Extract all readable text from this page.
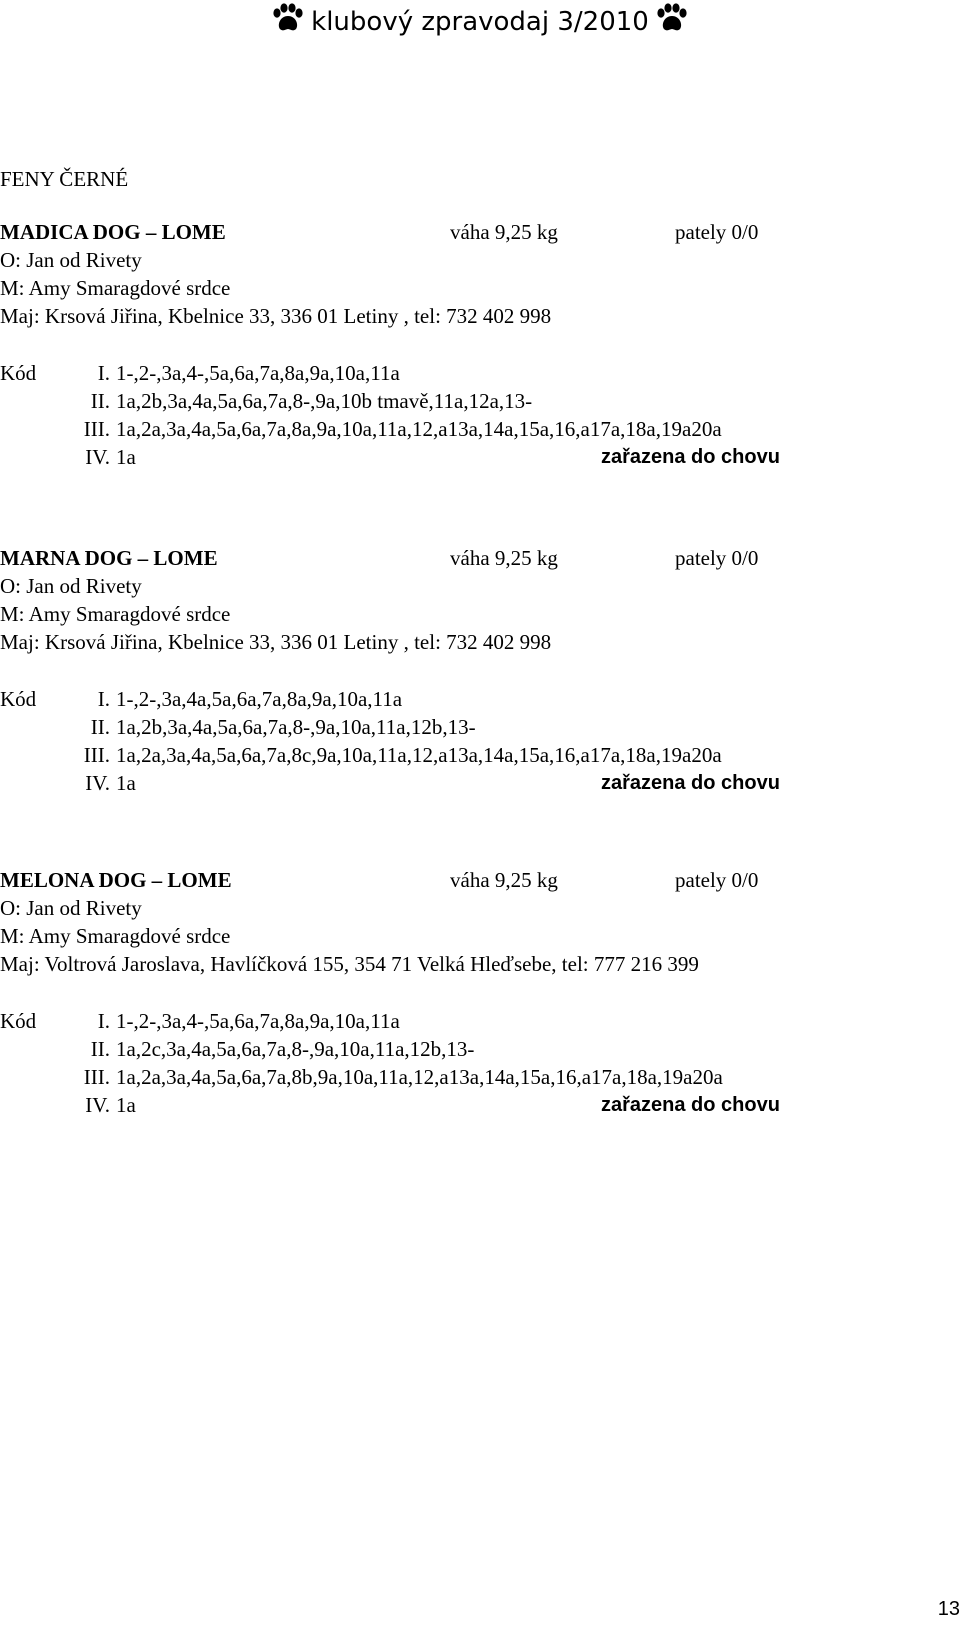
klubový zpravodaj 3/2010
FENY ČERNÉ
MADICA DOG – LOME	váha 9,25 kg	pately 0/0
O: Jan od Rivety
M: Amy Smaragdové srdce
Maj: Krsová Jiřina, Kbelnice 33, 336 01 Letiny , tel: 732 402 998
Kód	I. 1-,2-,3a,4-,5a,6a,7a,8a,9a,10a,11a
II. 1a,2b,3a,4a,5a,6a,7a,8-,9a,10b tmavě,11a,12a,13-
III. 1a,2a,3a,4a,5a,6a,7a,8a,9a,10a,11a,12,a13a,14a,15a,16,a17a,18a,19a20a
IV. 1a	zařazena do chovu
MARNA DOG – LOME	váha 9,25 kg	pately 0/0
O: Jan od Rivety
M: Amy Smaragdové srdce
Maj: Krsová Jiřina, Kbelnice 33, 336 01 Letiny , tel: 732 402 998
Kód	I. 1-,2-,3a,4a,5a,6a,7a,8a,9a,10a,11a
II. 1a,2b,3a,4a,5a,6a,7a,8-,9a,10a,11a,12b,13-
III. 1a,2a,3a,4a,5a,6a,7a,8c,9a,10a,11a,12,a13a,14a,15a,16,a17a,18a,19a20a
IV. 1a	zařazena do chovu
MELONA DOG – LOME	váha 9,25 kg	pately 0/0
O: Jan od Rivety
M: Amy Smaragdové srdce
Maj: Voltrová Jaroslava, Havlíčková 155, 354 71 Velká Hleďsebe, tel: 777 216 399
Kód	I. 1-,2-,3a,4-,5a,6a,7a,8a,9a,10a,11a
II. 1a,2c,3a,4a,5a,6a,7a,8-,9a,10a,11a,12b,13-
III. 1a,2a,3a,4a,5a,6a,7a,8b,9a,10a,11a,12,a13a,14a,15a,16,a17a,18a,19a20a
IV. 1a	zařazena do chovu
13
